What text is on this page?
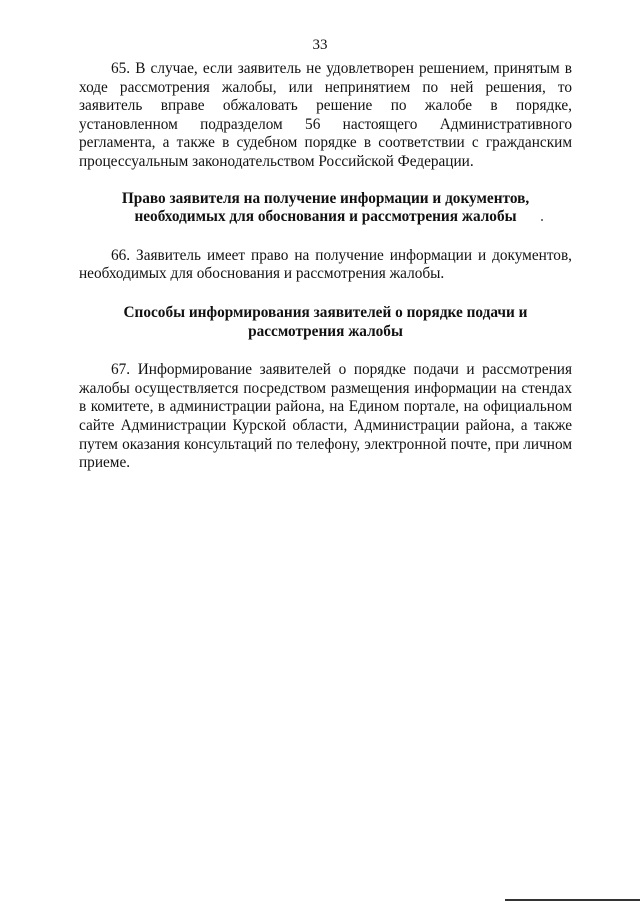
33

65. В случае, если заявитель не удовлетворен решением, принятым в ходе рассмотрения жалобы, или непринятием по ней решения, то заявитель вправе обжаловать решение по жалобе в порядке, установленном подразделом 56 настоящего Административного регламента, а также в судебном порядке в соответствии с гражданским процессуальным законодательством Российской Федерации.

Право заявителя на получение информации и документов, необходимых для обоснования и рассмотрения жалобы

66. Заявитель имеет право на получение информации и документов, необходимых для обоснования и рассмотрения жалобы.

Способы информирования заявителей о порядке подачи и рассмотрения жалобы

67. Информирование заявителей о порядке подачи и рассмотрения жалобы осуществляется посредством размещения информации на стендах в комитете, в администрации района, на Едином портале, на официальном сайте Администрации Курской области, Администрации района, а также путем оказания консультаций по телефону, электронной почте, при личном приеме.
